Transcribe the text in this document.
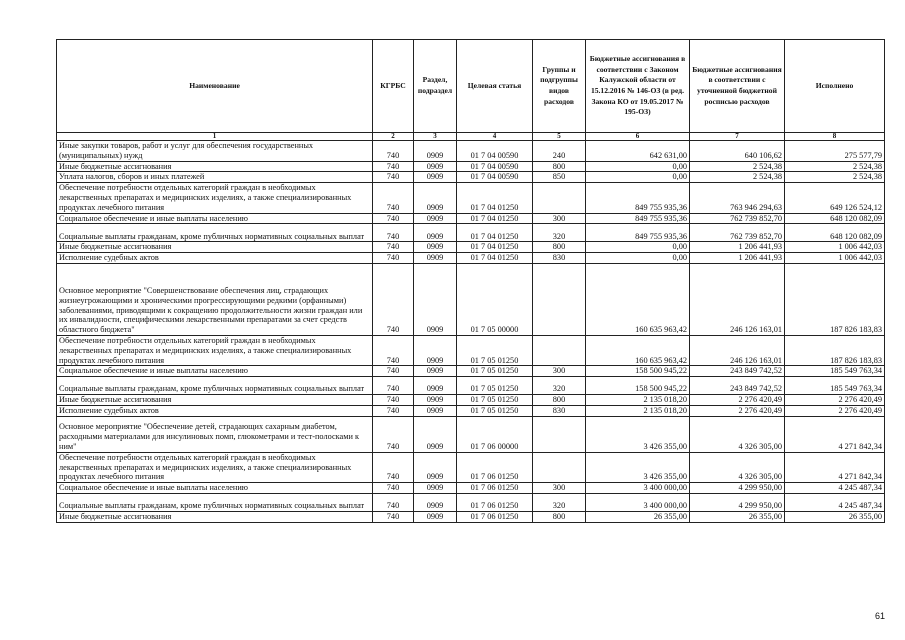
Наименование	КГРБС	Раздел, подраздел	Целевая статья	Группы и подгруппы видов расходов	Бюджетные ассигнования в соответствии с Законом Калужской области от 15.12.2016 № 146-ОЗ (в ред. Закона КО от 19.05.2017 № 195-ОЗ)	Бюджетные ассигнования в соответствии с уточненной бюджетной росписью расходов	Исполнено
1	2	3	4	5	6	7	8
Иные закупки товаров, работ и услуг для обеспечения государственных (муниципальных) нужд	740	0909	01 7 04 00590	240	642 631,00	640 106,62	275 577,79
Иные бюджетные ассигнования	740	0909	01 7 04 00590	800	0,00	2 524,38	2 524,38
Уплата налогов, сборов и иных платежей	740	0909	01 7 04 00590	850	0,00	2 524,38	2 524,38
Обеспечение потребности отдельных категорий граждан в необходимых лекарственных препаратах и медицинских изделиях, а также специализированных продуктах лечебного питания	740	0909	01 7 04 01250		849 755 935,36	763 946 294,63	649 126 524,12
Социальное обеспечение и иные выплаты населению	740	0909	01 7 04 01250	300	849 755 935,36	762 739 852,70	648 120 082,09
Социальные выплаты гражданам, кроме публичных нормативных социальных выплат	740	0909	01 7 04 01250	320	849 755 935,36	762 739 852,70	648 120 082,09
Иные бюджетные ассигнования	740	0909	01 7 04 01250	800	0,00	1 206 441,93	1 006 442,03
Исполнение судебных актов	740	0909	01 7 04 01250	830	0,00	1 206 441,93	1 006 442,03
Основное мероприятие "Совершенствование обеспечения лиц, страдающих жизнеугрожающими и хроническими прогрессирующими редкими (орфанными) заболеваниями, приводящими к сокращению продолжительности жизни граждан или их инвалидности, специфическими лекарственными препаратами за счет средств областного бюджета"	740	0909	01 7 05 00000		160 635 963,42	246 126 163,01	187 826 183,83
Обеспечение потребности отдельных категорий граждан в необходимых лекарственных препаратах и медицинских изделиях, а также специализированных продуктах лечебного питания	740	0909	01 7 05 01250		160 635 963,42	246 126 163,01	187 826 183,83
Социальное обеспечение и иные выплаты населению	740	0909	01 7 05 01250	300	158 500 945,22	243 849 742,52	185 549 763,34
Социальные выплаты гражданам, кроме публичных нормативных социальных выплат	740	0909	01 7 05 01250	320	158 500 945,22	243 849 742,52	185 549 763,34
Иные бюджетные ассигнования	740	0909	01 7 05 01250	800	2 135 018,20	2 276 420,49	2 276 420,49
Исполнение судебных актов	740	0909	01 7 05 01250	830	2 135 018,20	2 276 420,49	2 276 420,49
Основное мероприятие "Обеспечение детей, страдающих сахарным диабетом, расходными материалами для инсулиновых помп, глюкометрами и тест-полосками к ним"	740	0909	01 7 06 00000		3 426 355,00	4 326 305,00	4 271 842,34
Обеспечение потребности отдельных категорий граждан в необходимых лекарственных препаратах и медицинских изделиях, а также специализированных продуктах лечебного питания	740	0909	01 7 06 01250		3 426 355,00	4 326 305,00	4 271 842,34
Социальное обеспечение и иные выплаты населению	740	0909	01 7 06 01250	300	3 400 000,00	4 299 950,00	4 245 487,34
Социальные выплаты гражданам, кроме публичных нормативных социальных выплат	740	0909	01 7 06 01250	320	3 400 000,00	4 299 950,00	4 245 487,34
Иные бюджетные ассигнования	740	0909	01 7 06 01250	800	26 355,00	26 355,00	26 355,00
61
